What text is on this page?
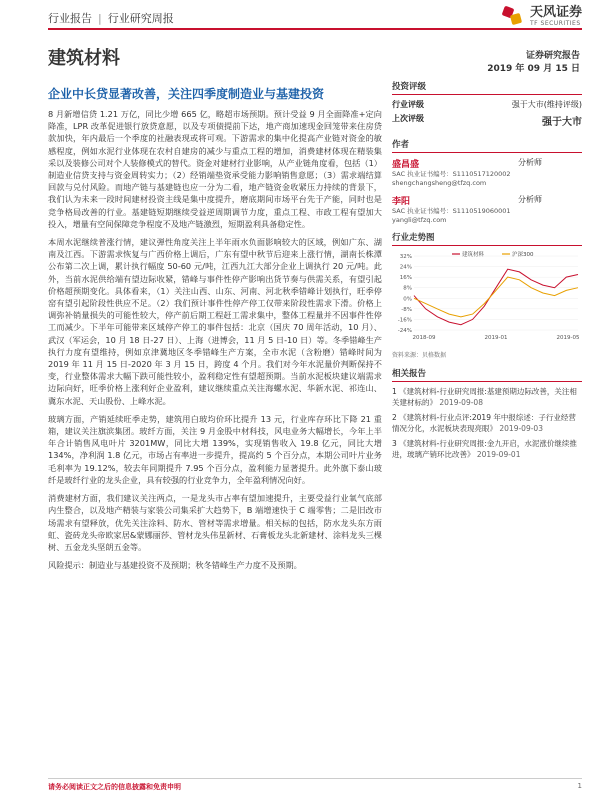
行业报告 | 行业研究周报	天风证券
TF SECURITIES
建筑材料	证券研究报告
2019 年 09 月 15 日
企业中长贷显著改善，关注四季度制造业与基建投资
8 月新增信贷 1.21 万亿，同比少增 665 亿，略超市场预期。预计受益 9 月全面降准+定向降准，LPR 改革促进银行放贷意愿，以及专项债提前下达，地产商加速现金回笼带来住房贷款加快，年内最后一个季度的社融表现或将可观。下游需求的集中化提高产业链对资金的敏感程度，例如水泥行业体现在农村自建房的减少与重点工程的增加，消费建材体现在精装集采以及装修公司对个人装修模式的替代。资金对建材行业影响，从产业链角度看，包括（1）制造业信贷支持与资金周转实力；（2）经销端垫资承受能力影响销售意愿；（3）需求端结算回款与兑付风险。而地产链与基建链也应一分为二看，地产链资金收紧压力持续的背景下，我们认为未来一段时间建材投资主线是集中度提升，磨底期间市场平台先于产能，同时也是竞争格局改善的行业。基建链短期继续受益逆周期调节力度，重点工程、市政工程有望加大投入，增量有空间保障竞争程度不及地产链激烈，短期盈利具备稳定性。
本周水泥继续普涨行情，建议弹性角度关注上半年雨水负面影响较大的区域，例如广东、湖南及江西。下游需求恢复与广西价格上调后，广东有望中秋节后迎来上涨行情，湖南长株潭公布第二次上调，累计执行幅度 50-60 元/吨，江西九江大部分企业上调执行 20 元/吨。此外，当前水泥供给端有望边际收紧，错峰与事件性停产影响出货节奏与供需关系，有望引起价格超预期变化。具体看来，（1）关注山西、山东、河南、河北秋季错峰计划执行，旺季停窑有望引起阶段性供应不足。（2）我们预计事件性停产停工仅带来阶段性需求下滑。价格上调弥补销量损失的可能性较大，停产前后期工程赶工需求集中，整体工程量并不因事件性停工而减少。下半年可能带来区域停产停工的事件包括：北京（国庆 70 周年活动，10 月）、武汉（军运会，10 月 18 日-27 日）、上海（进博会，11 月 5 日-10 日）等。冬季错峰生产执行力度有望维持，例如京津冀地区冬季错峰生产方案，全市水泥（含粉磨）错峰时间为 2019 年 11 月 15 日-2020 年 3 月 15 日，跨度 4 个月。我们对今年水泥量价判断保持不变，行业整体需求大幅下跌可能性较小，盈利稳定性有望超预期。当前水泥板块建议端需求边际向好，旺季价格上涨利好企业盈利，建议继续重点关注海螺水泥、华新水泥、祁连山、冀东水泥、天山股份、上峰水泥。
玻璃方面，产销延续旺季走势，建筑用白玻均价环比提升 13 元，行业库存环比下降 21 重箱，建议关注旗滨集团。玻纤方面，关注 9 月金股中材科技，风电业务大幅增长，今年上半年合计销售风电叶片 3201MW，同比大增 139%，实现销售收入 19.8 亿元，同比大增 134%，净利润 1.8 亿元，市场占有率进一步提升，提高约 5 个百分点，本期公司叶片业务毛利率为 19.12%，较去年同期提升 7.95 个百分点，盈利能力显著提升。此外旗下泰山玻纤是玻纤行业的龙头企业，具有较强的行业竞争力，全年盈利情况向好。
消费建材方面，我们建议关注两点，一是龙头市占率有望加速提升，主要受益行业氧气底部内生整合，以及地产精装与家装公司集采扩大趋势下，B 端增速快于 C 端零售；二是旧改市场需求有望释放，优先关注涂料、防水、管材等需求增量。相关标的包括，防水龙头东方雨虹、瓷砖龙头帝欧家居&蒙娜丽莎、管材龙头伟星新材、石膏板龙头北新建材、涂料龙头三棵树、五金龙头坚朗五金等。
风险提示：制造业与基建投资不及预期；秋冬错峰生产力度不及预期。
投资评级
行业评级	强于大市(维持评级)
上次评级	强于大市
作者
盛昌盛	分析师
SAC 执业证书编号：S1110517120002
shengchangsheng@tfzq.com
李阳	分析师
SAC 执业证书编号：S1110519060001
yangli@tfzq.com
行业走势图
32%
24%
16%
8%
0%
-8%
-16%
-24%
2018-09	2019-01	2019-05
建筑材料	沪深300
资料来源：贝格数据
相关报告
1 《建筑材料-行业研究周报:基建预期边际改善，关注相关建材标的》 2019-09-08
2 《建筑材料-行业点评:2019 年中报综述：子行业经营情况分化，水泥板块表现亮眼》 2019-09-03
3 《建筑材料-行业研究周报:金九开启，水泥涨价继续推进，玻璃产销环比改善》 2019-09-01
请务必阅读正文之后的信息披露和免责申明	1
